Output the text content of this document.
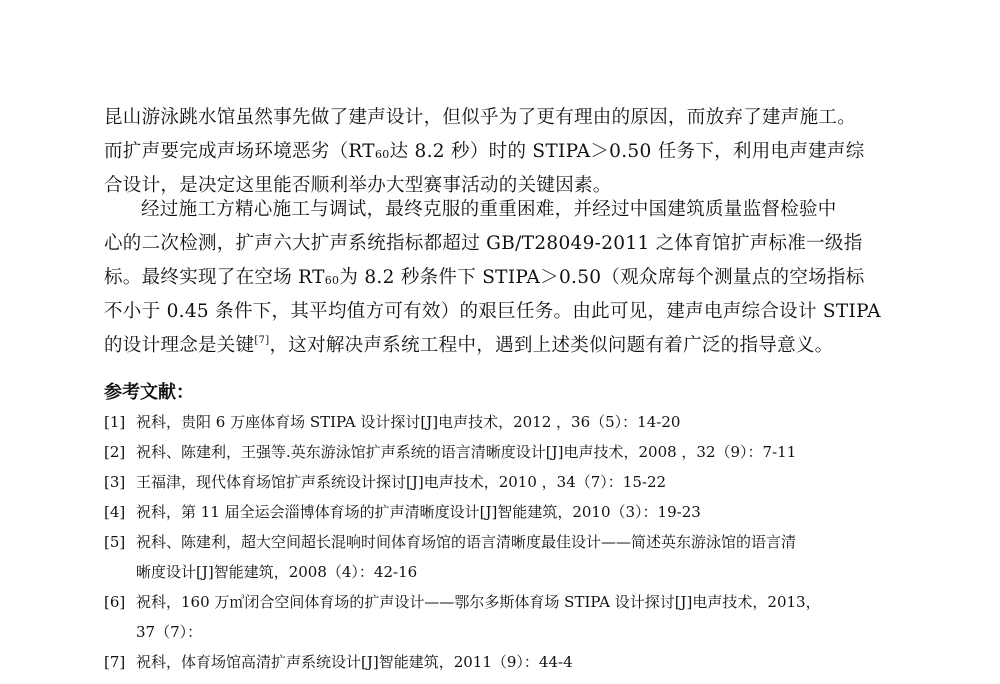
昆山游泳跳水馆虽然事先做了建声设计，但似乎为了更有理由的原因，而放弃了建声施工。
而扩声要完成声场环境恶劣（$RT_{60}$达 8.2 秒）时的 STIPA＞0.50 任务下，利用电声建声综
合设计，是决定这里能否顺利举办大型赛事活动的关键因素。
经过施工方精心施工与调试，最终克服的重重困难，并经过中国建筑质量监督检验中
心的二次检测，扩声六大扩声系统指标都超过 GB/T28049-2011 之体育馆扩声标准一级指
标。最终实现了在空场 $RT_{60}$为 8.2 秒条件下 STIPA＞0.50（观众席每个测量点的空场指标
不小于 0.45 条件下，其平均值方可有效）的艰巨任务。由此可见，建声电声综合设计 STIPA
的设计理念是关键[7]，这对解决声系统工程中，遇到上述类似问题有着广泛的指导意义。
参考文献：
[1] 祝科，贵阳 6 万座体育场 STIPA 设计探讨[J]电声技术，2012 ，36（5）：14-20
[2] 祝科、陈建利，王强等.英东游泳馆扩声系统的语言清晰度设计[J]电声技术，2008 ，32（9）：7-11
[3] 王福津，现代体育场馆扩声系统设计探讨[J]电声技术，2010 ，34（7）：15-22
[4] 祝科，第 11 届全运会淄博体育场的扩声清晰度设计[J]智能建筑，2010（3）：19-23
[5] 祝科、陈建利，超大空间超长混响时间体育场馆的语言清晰度最佳设计——简述英东游泳馆的语言清
晰度设计[J]智能建筑，2008（4）：42-16
[6] 祝科，160 万㎥闭合空间体育场的扩声设计——鄂尔多斯体育场 STIPA 设计探讨[J]电声技术，2013，
37（7）：
[7] 祝科，体育场馆高清扩声系统设计[J]智能建筑，2011（9）：44-4
